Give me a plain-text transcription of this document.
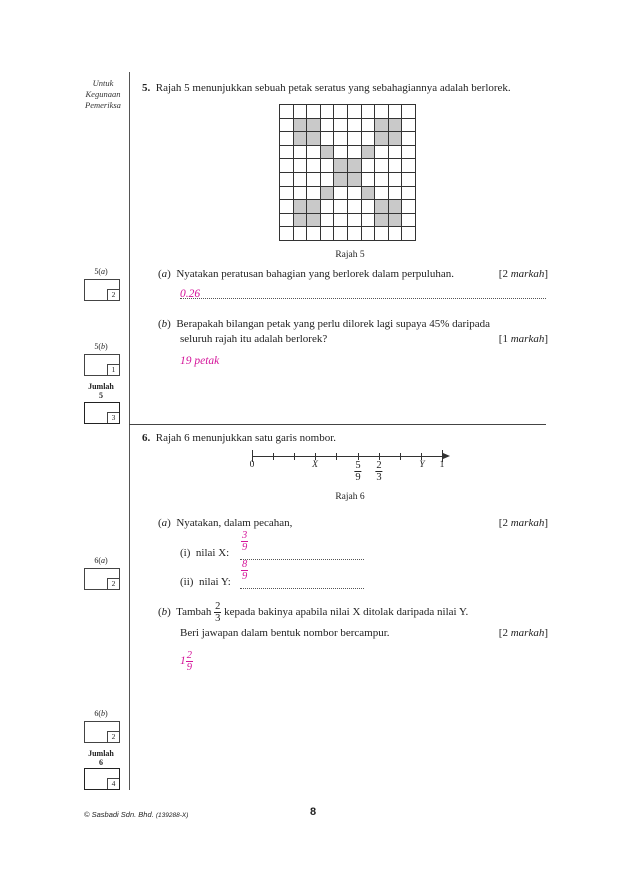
Untuk
Kegunaan
Pemeriksa
5(a)
2
5(b)
1
Jumlah
5
3
6(a)
2
6(b)
2
Jumlah
6
4
5. Rajah 5 menunjukkan sebuah petak seratus yang sebahagiannya adalah berlorek.

Rajah 5
(a)  Nyatakan peratusan bahagian yang berlorek dalam perpuluhan.	[2 markah]
0.26
(b)  Berapakah bilangan petak yang perlu dilorek lagi supaya 45% daripada
seluruh rajah itu adalah berlorek?	[1 markah]
19 petak
6. Rajah 6 menunjukkan satu garis nombor.
0	X	$\frac{5}{9} \frac{2}{3}$	Y 1
Rajah 6
(a)  Nyatakan, dalam pecahan,	[2 markah]
(i) nilai X: $\frac{3}{9}$
(ii) nilai Y: $\frac{8}{9}$
(b)  Tambah $\frac{2}{3}$ kepada bakinya apabila nilai X ditolak daripada nilai Y.
Beri jawapan dalam bentuk nombor bercampur.	[2 markah]
$1 \frac{2}{9}$
© Sasbadi Sdn. Bhd. (139288-X)	8
